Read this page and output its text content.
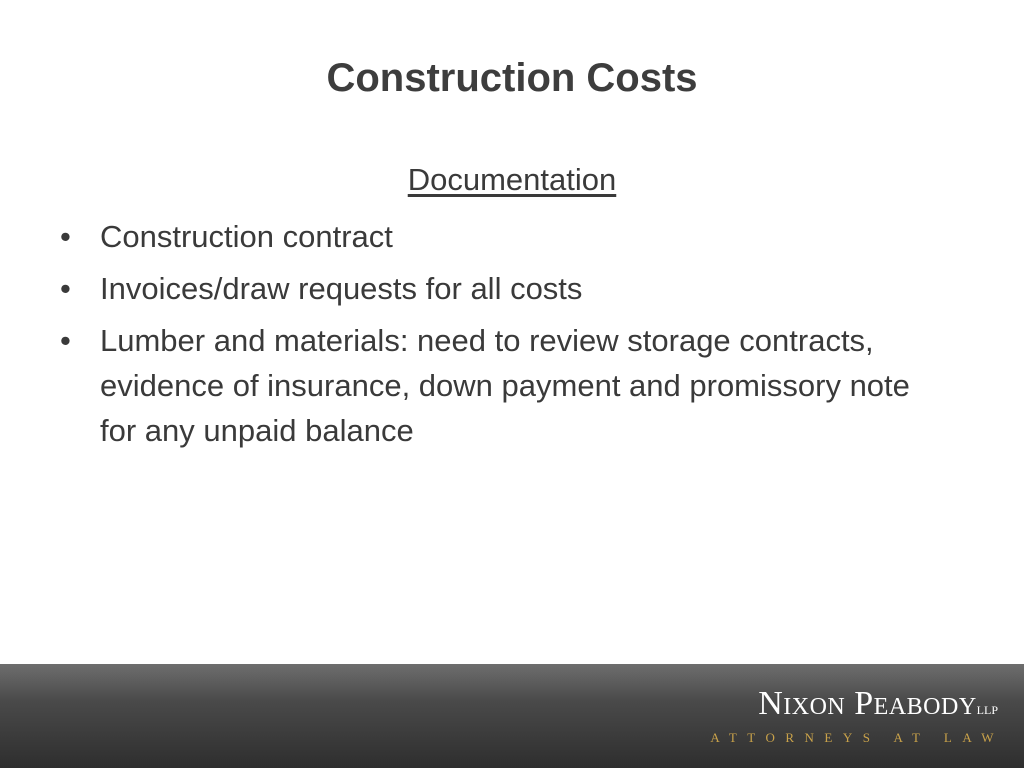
Construction Costs
Documentation
• Construction contract
• Invoices/draw requests for all costs
• Lumber and materials: need to review storage contracts, evidence of insurance, down payment and promissory note for any unpaid balance
Nixon PeabodyLLP
ATTORNEYS AT LAW
